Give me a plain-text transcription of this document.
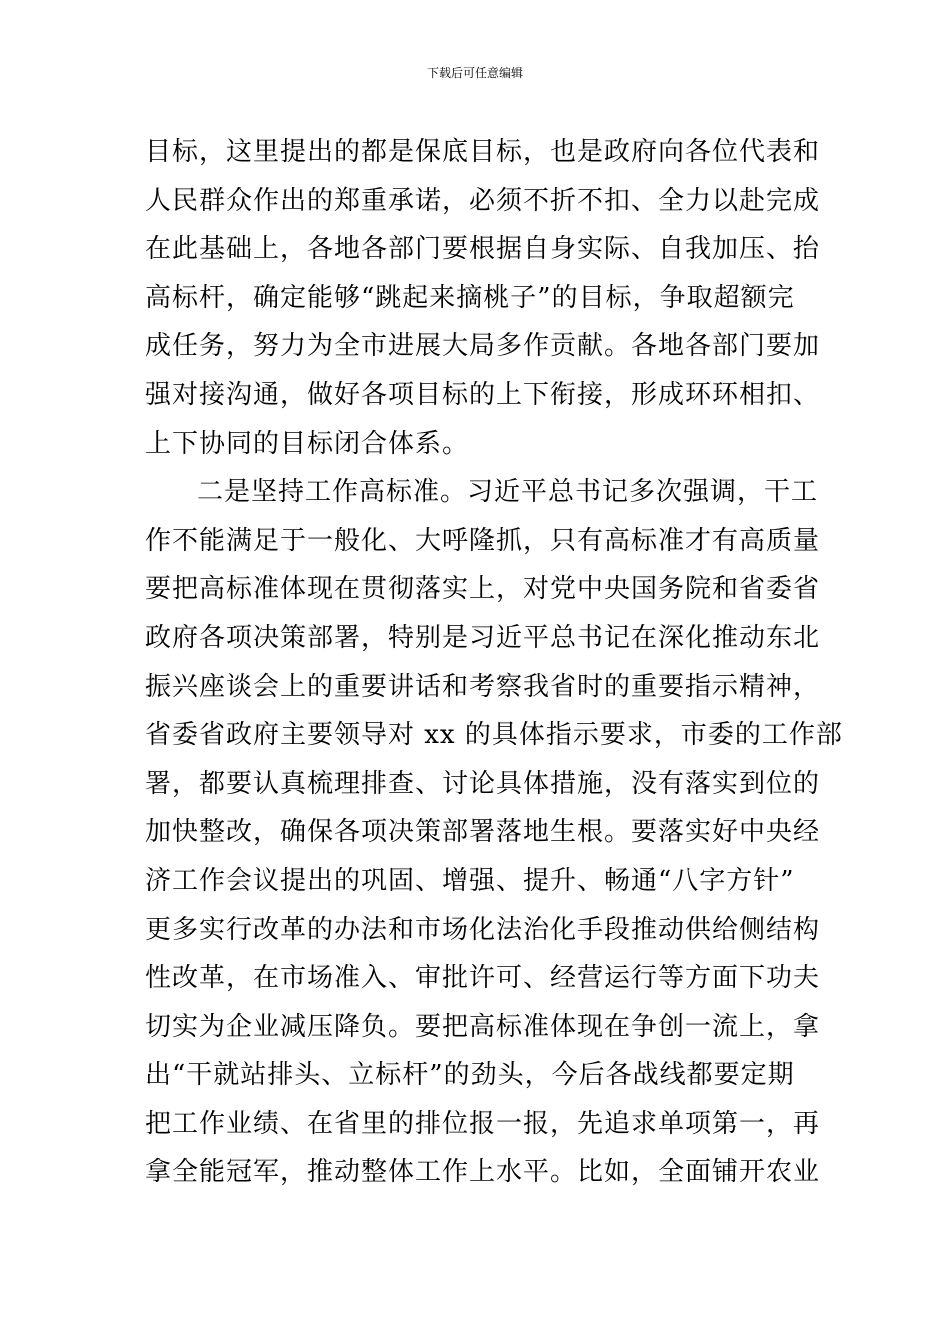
下载后可任意编辑
目标，这里提出的都是保底目标，也是政府向各位代表和
人民群众作出的郑重承诺，必须不折不扣、全力以赴完成
在此基础上，各地各部门要根据自身实际、自我加压、抬
高标杆，确定能够“跳起来摘桃子”的目标，争取超额完
成任务，努力为全市进展大局多作贡献。各地各部门要加
强对接沟通，做好各项目标的上下衔接，形成环环相扣、
上下协同的目标闭合体系。
二是坚持工作高标准。习近平总书记多次强调，干工
作不能满足于一般化、大呼隆抓，只有高标准才有高质量
要把高标准体现在贯彻落实上，对党中央国务院和省委省
政府各项决策部署，特别是习近平总书记在深化推动东北
振兴座谈会上的重要讲话和考察我省时的重要指示精神，
省委省政府主要领导对 xx 的具体指示要求，市委的工作部
署，都要认真梳理排查、讨论具体措施，没有落实到位的
加快整改，确保各项决策部署落地生根。要落实好中央经
济工作会议提出的巩固、增强、提升、畅通“八字方针”
更多实行改革的办法和市场化法治化手段推动供给侧结构
性改革，在市场准入、审批许可、经营运行等方面下功夫
切实为企业减压降负。要把高标准体现在争创一流上，拿
出“干就站排头、立标杆”的劲头，今后各战线都要定期
把工作业绩、在省里的排位报一报，先追求单项第一，再
拿全能冠军，推动整体工作上水平。比如，全面铺开农业
